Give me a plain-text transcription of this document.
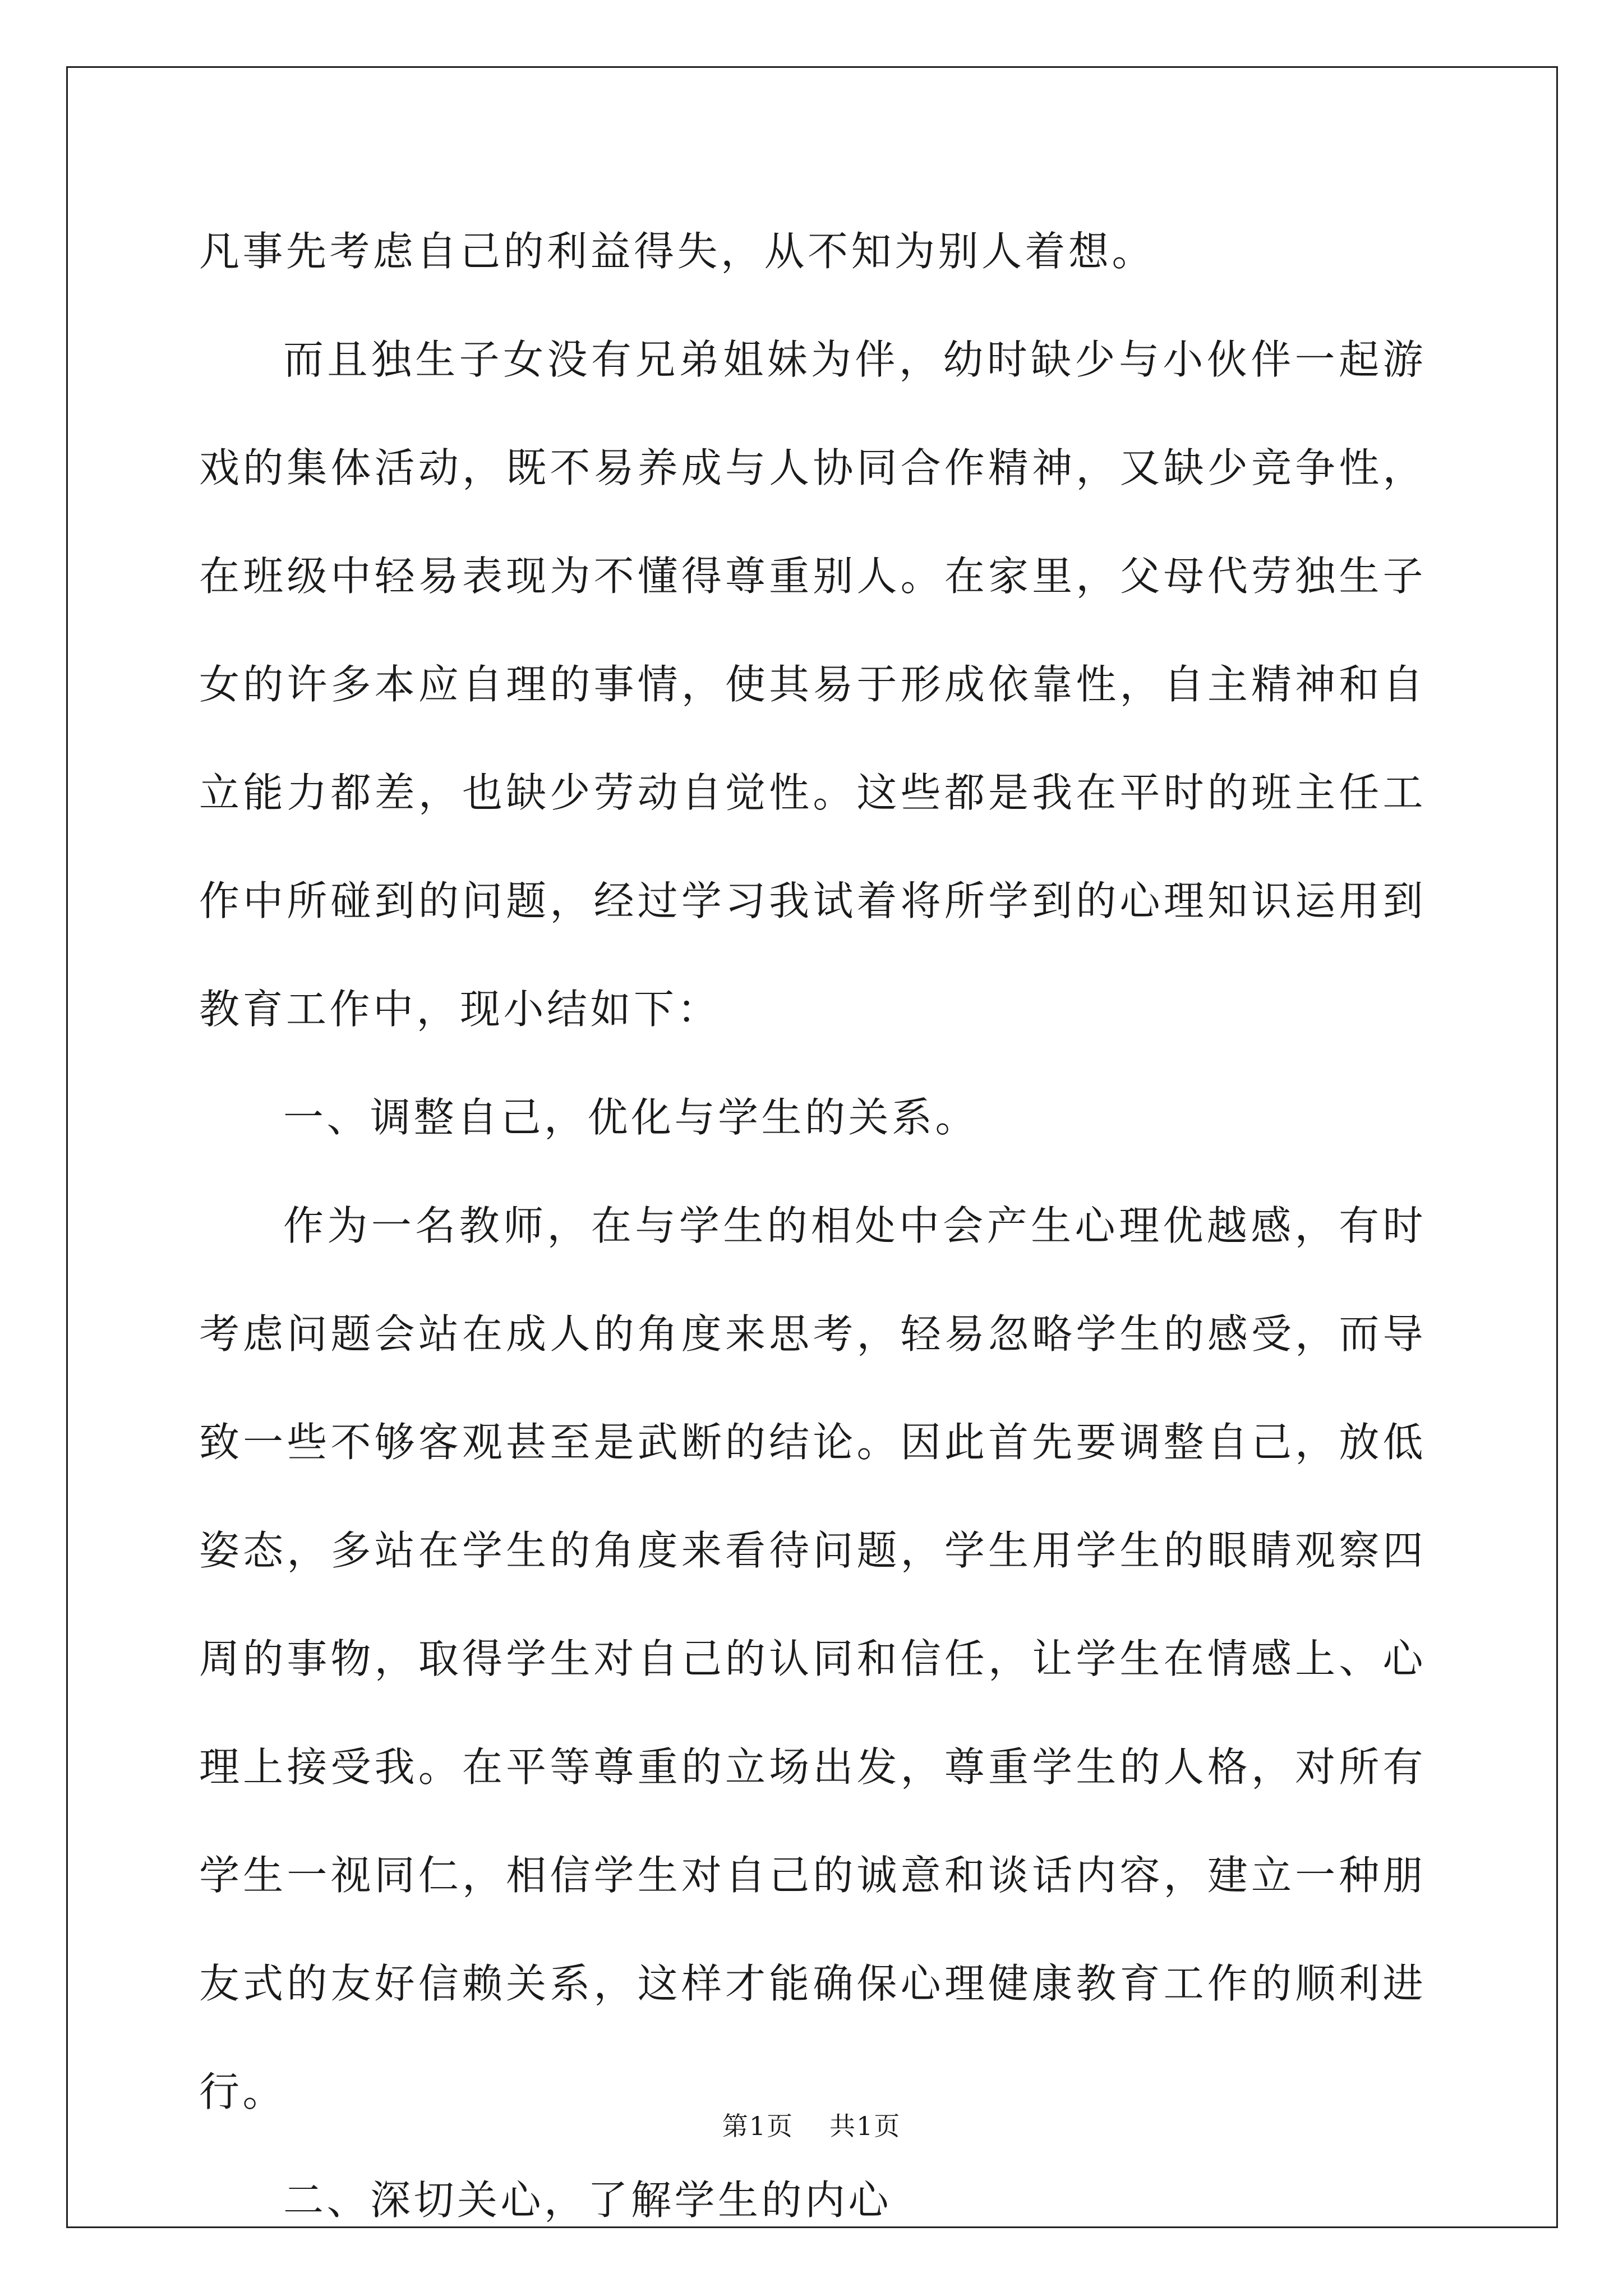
凡事先考虑自己的利益得失，从不知为别人着想。

而且独生子女没有兄弟姐妹为伴，幼时缺少与小伙伴一起游戏的集体活动，既不易养成与人协同合作精神，又缺少竞争性，在班级中轻易表现为不懂得尊重别人。在家里，父母代劳独生子女的许多本应自理的事情，使其易于形成依靠性，自主精神和自立能力都差，也缺少劳动自觉性。这些都是我在平时的班主任工作中所碰到的问题，经过学习我试着将所学到的心理知识运用到教育工作中，现小结如下：

一、调整自己，优化与学生的关系。

作为一名教师，在与学生的相处中会产生心理优越感，有时考虑问题会站在成人的角度来思考，轻易忽略学生的感受，而导致一些不够客观甚至是武断的结论。因此首先要调整自己，放低姿态，多站在学生的角度来看待问题，学生用学生的眼睛观察四周的事物，取得学生对自己的认同和信任，让学生在情感上、心理上接受我。在平等尊重的立场出发，尊重学生的人格，对所有学生一视同仁，相信学生对自己的诚意和谈话内容，建立一种朋友式的友好信赖关系，这样才能确保心理健康教育工作的顺利进行。

二、深切关心，了解学生的内心

第1页 共1页
